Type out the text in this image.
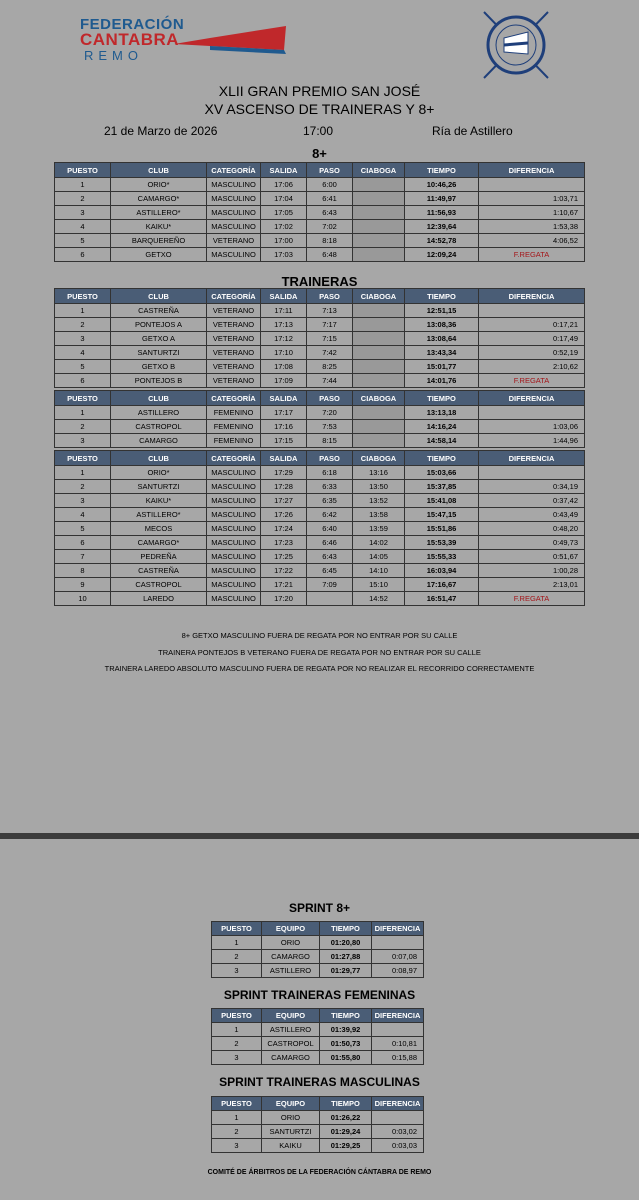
FEDERACIÓN
CANTABRA
REMO
XLII GRAN PREMIO SAN JOSÉ
XV ASCENSO DE TRAINERAS Y 8+
21 de Marzo de 2026	17:00	Ría de Astillero
8+
TRAINERAS
PUESTO	CLUB	CATEGORÍA	SALIDA	PASO	CIABOGA	TIEMPO	DIFERENCIA
1	ORIO*	MASCULINO	17:06	6:00		10:46,26	
2	CAMARGO*	MASCULINO	17:04	6:41		11:49,97	1:03,71
3	ASTILLERO*	MASCULINO	17:05	6:43		11:56,93	1:10,67
4	KAIKU*	MASCULINO	17:02	7:02		12:39,64	1:53,38
5	BARQUEREÑO	VETERANO	17:00	8:18		14:52,78	4:06,52
6	GETXO	MASCULINO	17:03	6:48		12:09,24	F.REGATA
PUESTO	CLUB	CATEGORÍA	SALIDA	PASO	CIABOGA	TIEMPO	DIFERENCIA
1	CASTREÑA	VETERANO	17:11	7:13		12:51,15	
2	PONTEJOS A	VETERANO	17:13	7:17		13:08,36	0:17,21
3	GETXO A	VETERANO	17:12	7:15		13:08,64	0:17,49
4	SANTURTZI	VETERANO	17:10	7:42		13:43,34	0:52,19
5	GETXO B	VETERANO	17:08	8:25		15:01,77	2:10,62
6	PONTEJOS B	VETERANO	17:09	7:44		14:01,76	F.REGATA
PUESTO	CLUB	CATEGORÍA	SALIDA	PASO	CIABOGA	TIEMPO	DIFERENCIA
1	ASTILLERO	FEMENINO	17:17	7:20		13:13,18	
2	CASTROPOL	FEMENINO	17:16	7:53		14:16,24	1:03,06
3	CAMARGO	FEMENINO	17:15	8:15		14:58,14	1:44,96
PUESTO	CLUB	CATEGORÍA	SALIDA	PASO	CIABOGA	TIEMPO	DIFERENCIA
1	ORIO*	MASCULINO	17:29	6:18	13:16	15:03,66	
2	SANTURTZI	MASCULINO	17:28	6:33	13:50	15:37,85	0:34,19
3	KAIKU*	MASCULINO	17:27	6:35	13:52	15:41,08	0:37,42
4	ASTILLERO*	MASCULINO	17:26	6:42	13:58	15:47,15	0:43,49
5	MECOS	MASCULINO	17:24	6:40	13:59	15:51,86	0:48,20
6	CAMARGO*	MASCULINO	17:23	6:46	14:02	15:53,39	0:49,73
7	PEDREÑA	MASCULINO	17:25	6:43	14:05	15:55,33	0:51,67
8	CASTREÑA	MASCULINO	17:22	6:45	14:10	16:03,94	1:00,28
9	CASTROPOL	MASCULINO	17:21	7:09	15:10	17:16,67	2:13,01
10	LAREDO	MASCULINO	17:20		14:52	16:51,47	F.REGATA
8+ GETXO MASCULINO FUERA DE REGATA POR NO ENTRAR POR SU CALLE
TRAINERA PONTEJOS B VETERANO FUERA DE REGATA POR NO ENTRAR POR SU CALLE
TRAINERA LAREDO ABSOLUTO MASCULINO FUERA DE REGATA POR NO REALIZAR EL RECORRIDO CORRECTAMENTE
SPRINT 8+
PUESTO	EQUIPO	TIEMPO	DIFERENCIA
1	ORIO	01:20,80	
2	CAMARGO	01:27,88	0:07,08
3	ASTILLERO	01:29,77	0:08,97
SPRINT TRAINERAS FEMENINAS
PUESTO	EQUIPO	TIEMPO	DIFERENCIA
1	ASTILLERO	01:39,92	
2	CASTROPOL	01:50,73	0:10,81
3	CAMARGO	01:55,80	0:15,88
SPRINT TRAINERAS MASCULINAS
PUESTO	EQUIPO	TIEMPO	DIFERENCIA
1	ORIO	01:26,22	
2	SANTURTZI	01:29,24	0:03,02
3	KAIKU	01:29,25	0:03,03
COMITÉ DE ÁRBITROS DE LA FEDERACIÓN CÁNTABRA DE REMO
